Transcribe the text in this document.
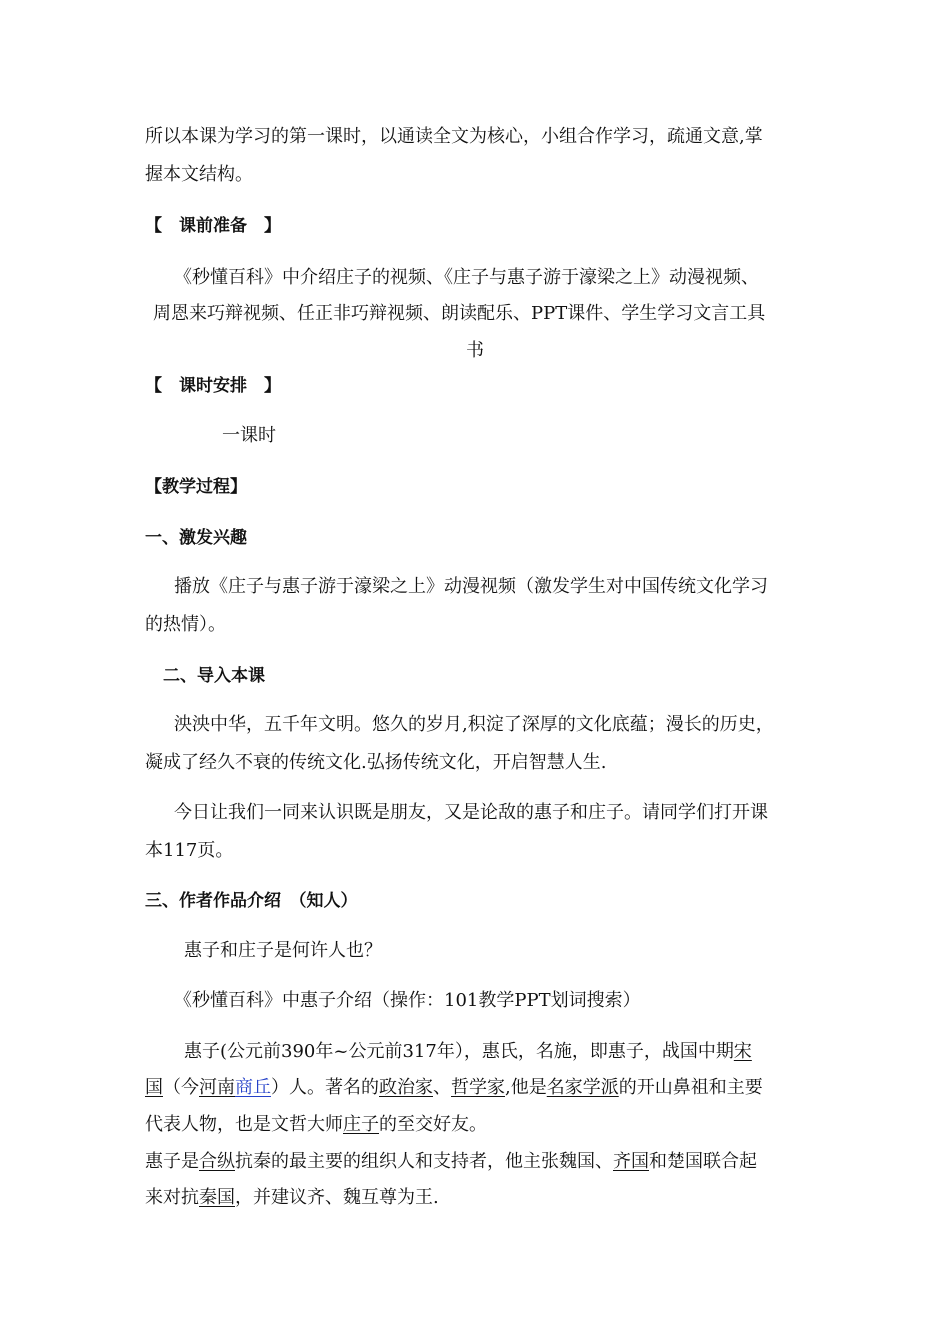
所以本课为学习的第一课时，以通读全文为核心，小组合作学习，疏通文意,掌
握本文结构。
【　课前准备　】
《秒懂百科》中介绍庄子的视频、《庄子与惠子游于濠梁之上》动漫视频、
周恩来巧辩视频、任正非巧辩视频、朗读配乐、PPT课件、学生学习文言工具
书
【　课时安排　】
一课时
【教学过程】
一、激发兴趣
播放《庄子与惠子游于濠梁之上》动漫视频（激发学生对中国传统文化学习
的热情）。
二、导入本课
泱泱中华，五千年文明。悠久的岁月,积淀了深厚的文化底蕴；漫长的历史，
凝成了经久不衰的传统文化.弘扬传统文化，开启智慧人生.
今日让我们一同来认识既是朋友，又是论敌的惠子和庄子。请同学们打开课
本117页。
三、作者作品介绍　（知人）
惠子和庄子是何许人也？
《秒懂百科》中惠子介绍（操作：101教学PPT划词搜索）
惠子(公元前390年~公元前317年），惠氏，名施，即惠子，战国中期宋
国（今河南商丘）人。著名的政治家、哲学家,他是名家学派的开山鼻祖和主要
代表人物，也是文哲大师庄子的至交好友。
惠子是合纵抗秦的最主要的组织人和支持者，他主张魏国、齐国和楚国联合起
来对抗秦国，并建议齐、魏互尊为王.
